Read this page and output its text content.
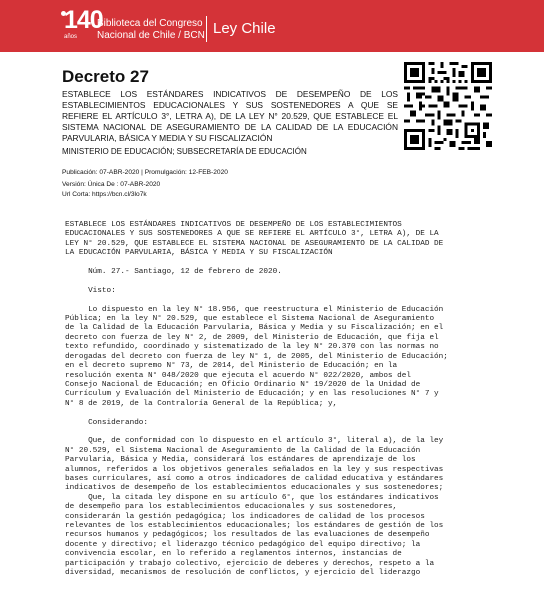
140
años
Biblioteca del Congreso
Nacional de Chile / BCN Ley Chile
Decreto 27
ESTABLECE LOS ESTÁNDARES INDICATIVOS DE DESEMPEÑO DE LOS ESTABLECIMIENTOS EDUCACIONALES Y SUS SOSTENEDORES A QUE SE REFIERE EL ARTÍCULO 3°, LETRA A), DE LA LEY N° 20.529, QUE ESTABLECE EL SISTEMA NACIONAL DE ASEGURAMIENTO DE LA CALIDAD DE LA EDUCACIÓN PARVULARIA, BÁSICA Y MEDIA Y SU FISCALIZACIÓN
MINISTERIO DE EDUCACIÓN; SUBSECRETARÍA DE EDUCACIÓN
Publicación: 07-ABR-2020 | Promulgación: 12-FEB-2020
Versión: Única De : 07-ABR-2020
Url Corta: https://bcn.cl/3lo7k
ESTABLECE LOS ESTÁNDARES INDICATIVOS DE DESEMPEÑO DE LOS ESTABLECIMIENTOS
EDUCACIONALES Y SUS SOSTENEDORES A QUE SE REFIERE EL ARTÍCULO 3°, LETRA A), DE LA
LEY N° 20.529, QUE ESTABLECE EL SISTEMA NACIONAL DE ASEGURAMIENTO DE LA CALIDAD DE
LA EDUCACIÓN PARVULARIA, BÁSICA Y MEDIA Y SU FISCALIZACIÓN

Núm. 27.- Santiago, 12 de febrero de 2020.

Visto:

Lo dispuesto en la ley N° 18.956, que reestructura el Ministerio de Educación
Pública; en la ley N° 20.529, que establece el Sistema Nacional de Aseguramiento
de la Calidad de la Educación Parvularia, Básica y Media y su Fiscalización; en el
decreto con fuerza de ley N° 2, de 2009, del Ministerio de Educación, que fija el
texto refundido, coordinado y sistematizado de la ley N° 20.370 con las normas no
derogadas del decreto con fuerza de ley N° 1, de 2005, del Ministerio de Educación;
en el decreto supremo N° 73, de 2014, del Ministerio de Educación; en la
resolución exenta N° 048/2020 que ejecuta el acuerdo N° 022/2020, ambos del
Consejo Nacional de Educación; en Oficio Ordinario N° 19/2020 de la Unidad de
Currículum y Evaluación del Ministerio de Educación; y en las resoluciones N° 7 y
N° 8 de 2019, de la Contraloría General de la República; y,

Considerando:

Que, de conformidad con lo dispuesto en el artículo 3°, literal a), de la ley
N° 20.529, el Sistema Nacional de Aseguramiento de la Calidad de la Educación
Parvularia, Básica y Media, considerará los estándares de aprendizaje de los
alumnos, referidos a los objetivos generales señalados en la ley y sus respectivas
bases curriculares, así como a otros indicadores de calidad educativa y estándares
indicativos de desempeño de los establecimientos educacionales y sus sostenedores;
Que, la citada ley dispone en su artículo 6°, que los estándares indicativos
de desempeño para los establecimientos educacionales y sus sostenedores,
considerarán la gestión pedagógica; los indicadores de calidad de los procesos
relevantes de los establecimientos educacionales; los estándares de gestión de los
recursos humanos y pedagógicos; los resultados de las evaluaciones de desempeño
docente y directivo; el liderazgo técnico pedagógico del equipo directivo; la
convivencia escolar, en lo referido a reglamentos internos, instancias de
participación y trabajo colectivo, ejercicio de deberes y derechos, respeto a la
diversidad, mecanismos de resolución de conflictos, y ejercicio del liderazgo
